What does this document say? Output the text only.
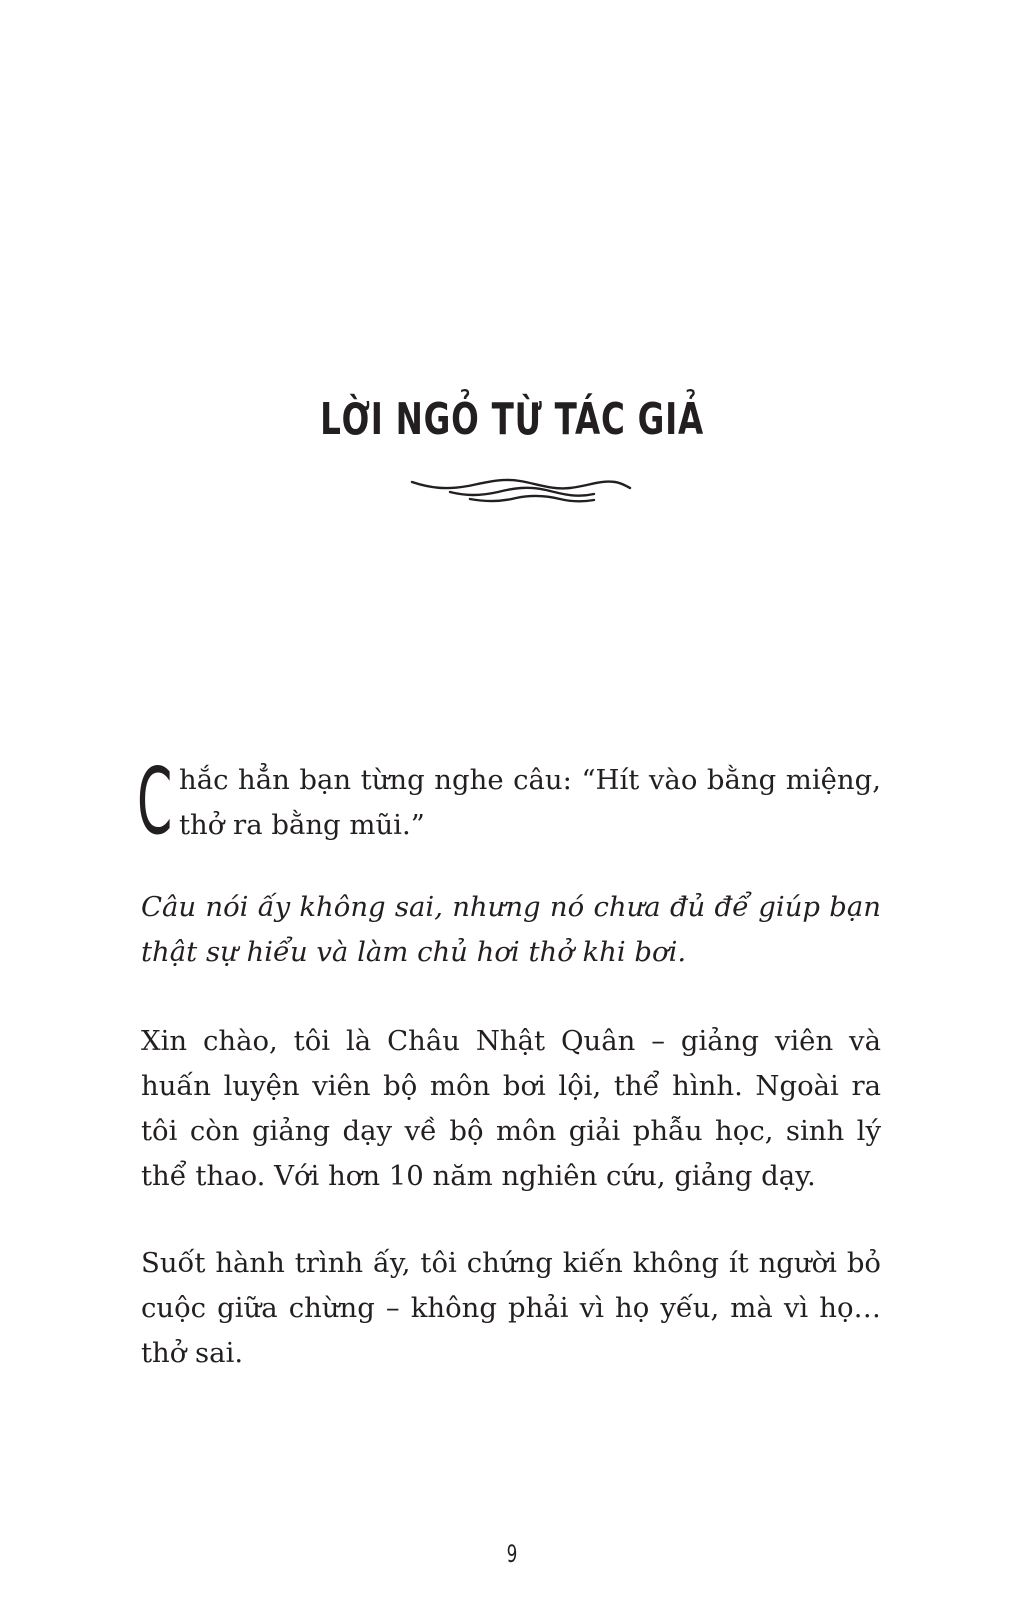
LỜI NGỎ TỪ TÁC GIẢ

C hắc hẳn bạn từng nghe câu: “Hít vào bằng miệng, thở ra bằng mũi.”

Câu nói ấy không sai, nhưng nó chưa đủ để giúp bạn thật sự hiểu và làm chủ hơi thở khi bơi.

Xin chào, tôi là Châu Nhật Quân – giảng viên và huấn luyện viên bộ môn bơi lội, thể hình. Ngoài ra tôi còn giảng dạy về bộ môn giải phẫu học, sinh lý thể thao. Với hơn 10 năm nghiên cứu, giảng dạy.

Suốt hành trình ấy, tôi chứng kiến không ít người bỏ cuộc giữa chừng – không phải vì họ yếu, mà vì họ… thở sai.

9
